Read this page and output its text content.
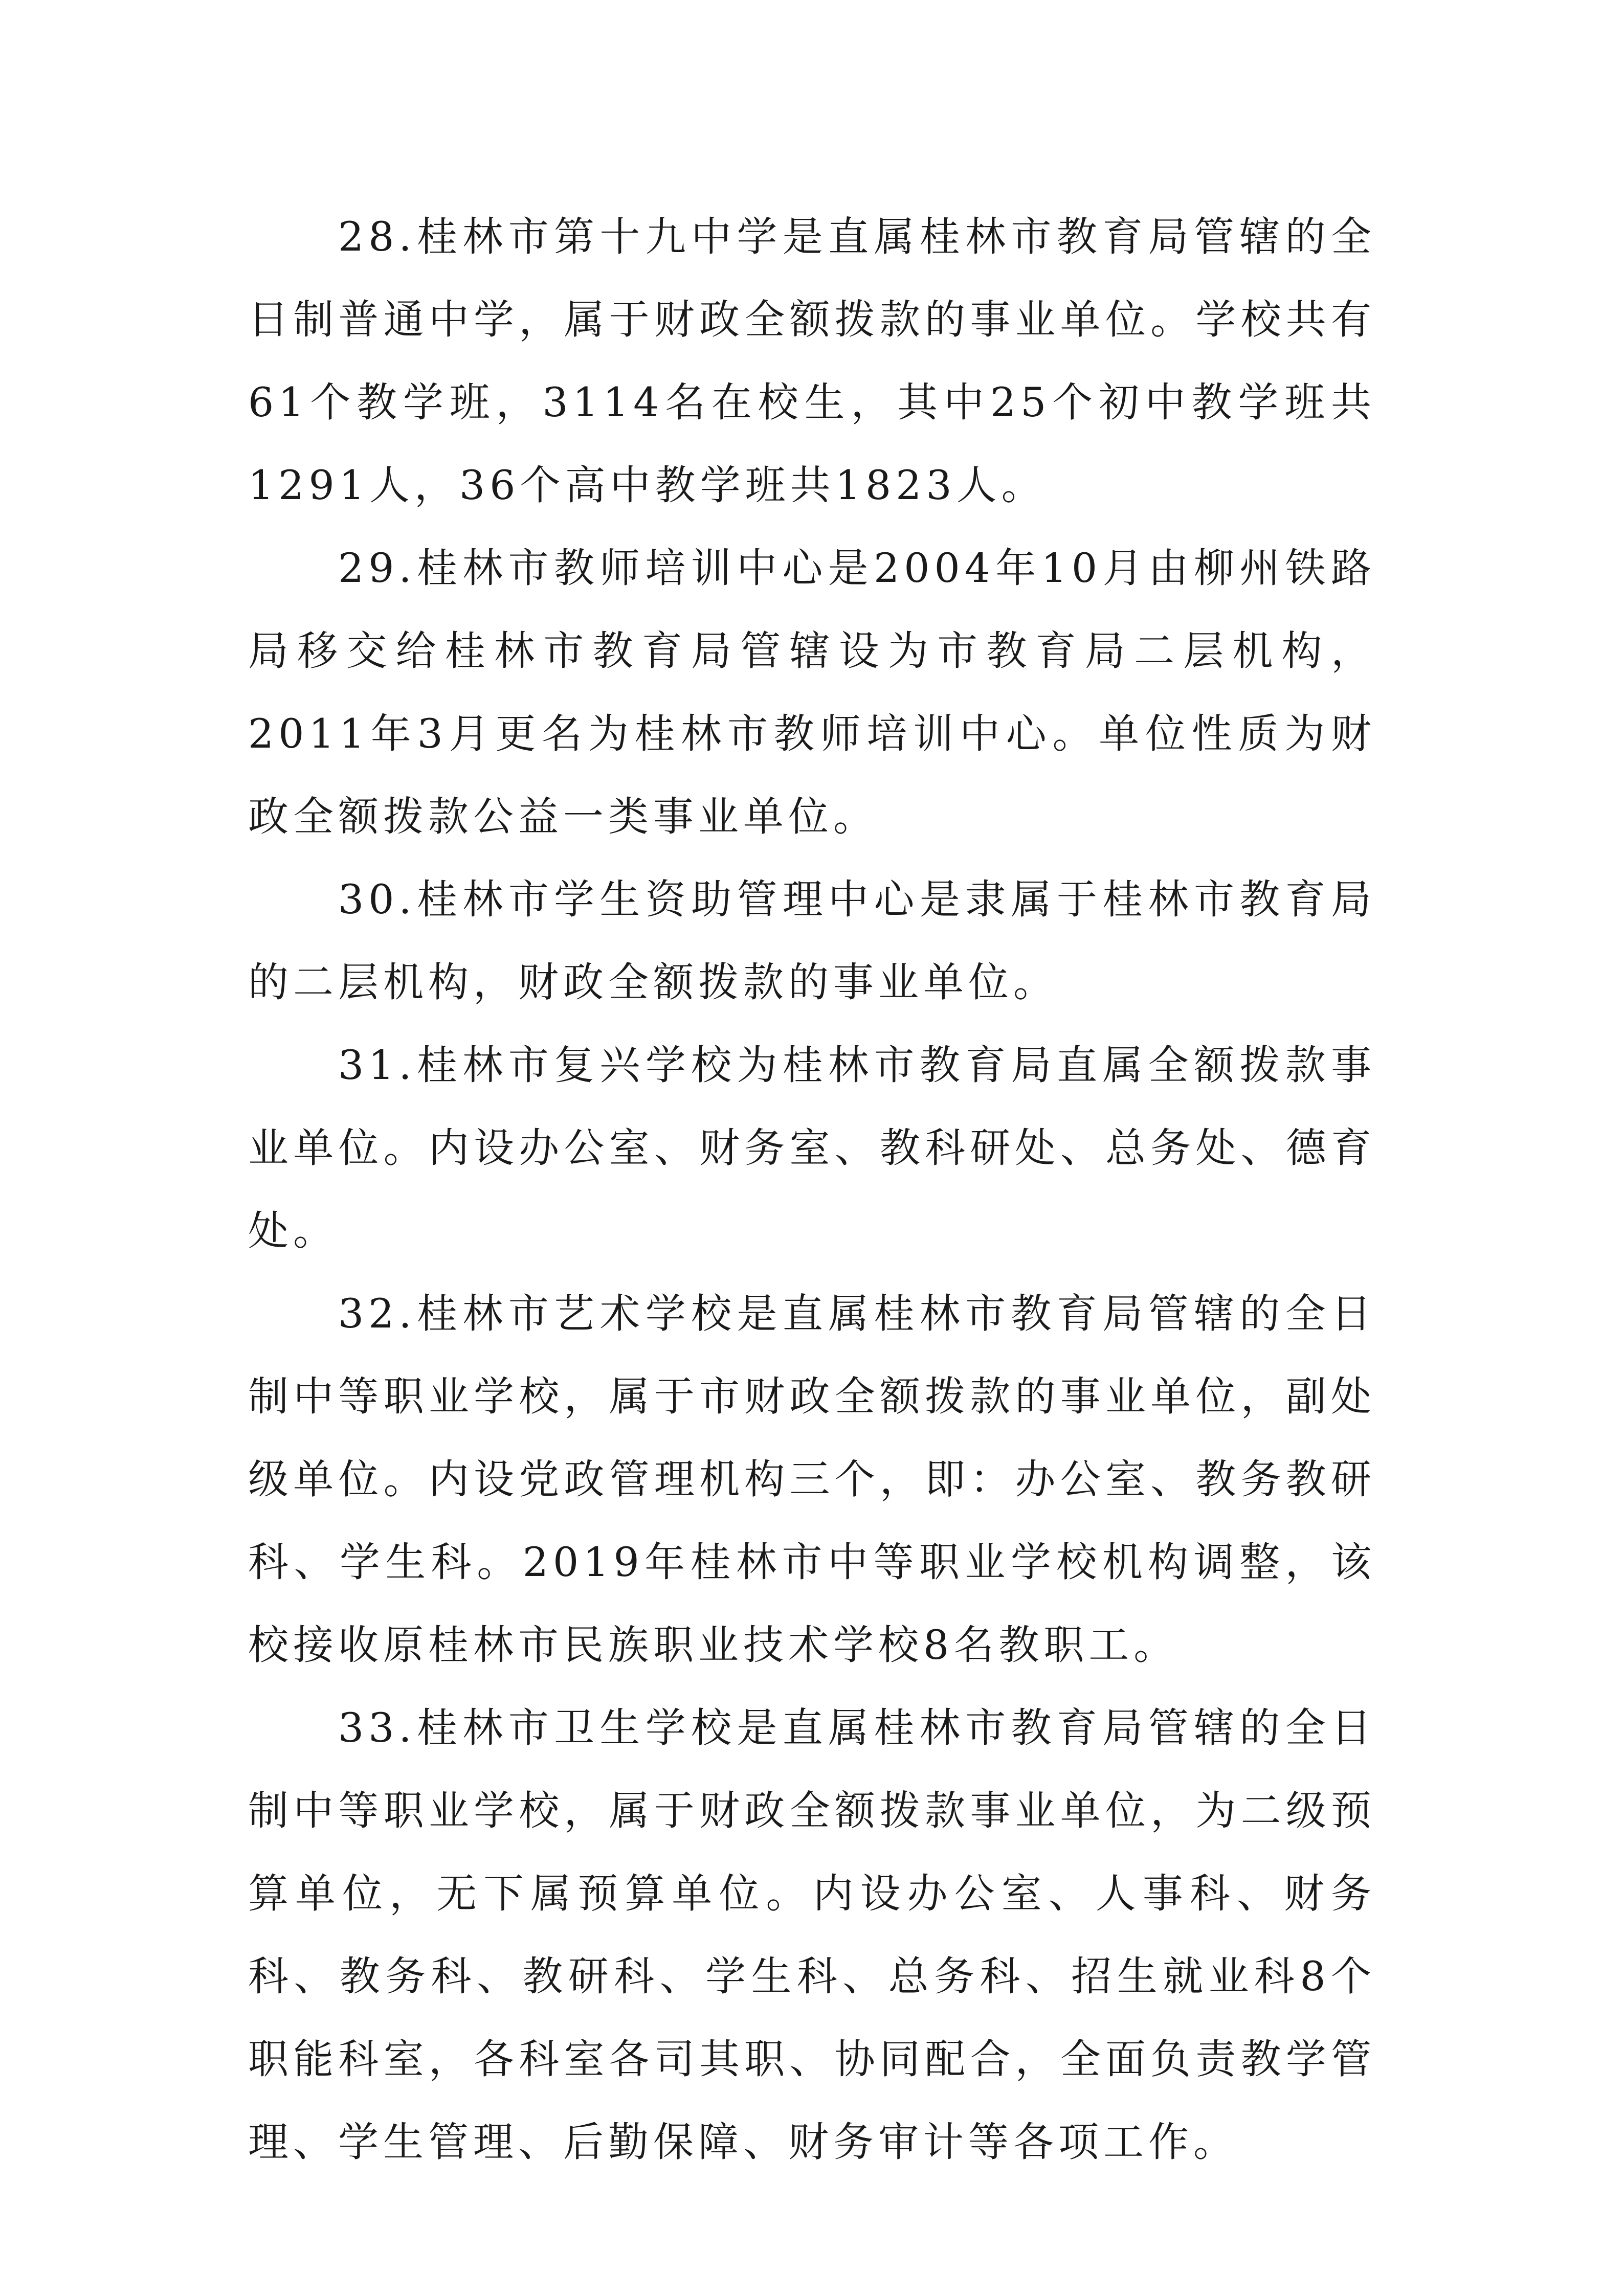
28.桂林市第十九中学是直属桂林市教育局管辖的全日制普通中学，属于财政全额拨款的事业单位。学校共有61个教学班，3114名在校生，其中25个初中教学班共1291人，36个高中教学班共1823人。

29.桂林市教师培训中心是2004年10月由柳州铁路局移交给桂林市教育局管辖设为市教育局二层机构，2011年3月更名为桂林市教师培训中心。单位性质为财政全额拨款公益一类事业单位。

30.桂林市学生资助管理中心是隶属于桂林市教育局的二层机构，财政全额拨款的事业单位。

31.桂林市复兴学校为桂林市教育局直属全额拨款事业单位。内设办公室、财务室、教科研处、总务处、德育处。

32.桂林市艺术学校是直属桂林市教育局管辖的全日制中等职业学校，属于市财政全额拨款的事业单位，副处级单位。内设党政管理机构三个，即：办公室、教务教研科、学生科。2019年桂林市中等职业学校机构调整，该校接收原桂林市民族职业技术学校8名教职工。

33.桂林市卫生学校是直属桂林市教育局管辖的全日制中等职业学校，属于财政全额拨款事业单位，为二级预算单位，无下属预算单位。内设办公室、人事科、财务科、教务科、教研科、学生科、总务科、招生就业科8个职能科室，各科室各司其职、协同配合，全面负责教学管理、学生管理、后勤保障、财务审计等各项工作。
